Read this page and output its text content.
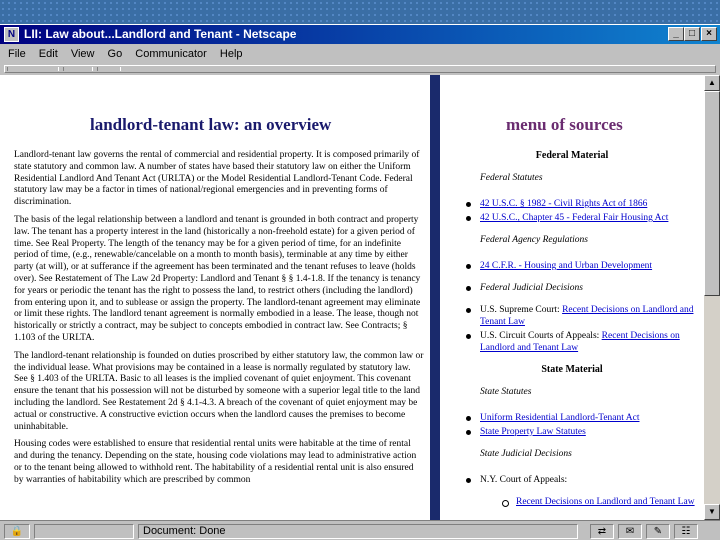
N LII: Law about...Landlord and Tenant - Netscape	_	□	×
File Edit View Go Communicator Help
landlord-tenant law: an overview

Landlord-tenant law governs the rental of commercial and residential property. It is composed primarily of state statutory and common law. A number of states have based their statutory law on either the Uniform Residential Landlord And Tenant Act (URLTA) or the Model Residential Landlord-Tenant Code. Federal statutory law may be a factor in times of national/regional emergencies and in preventing forms of discrimination.

The basis of the legal relationship between a landlord and tenant is grounded in both contract and property law. The tenant has a property interest in the land (historically a non-freehold estate) for a given period of time. See Real Property. The length of the tenancy may be for a given period of time, for an indefinite period of time, (e.g., renewable/cancelable on a month to month basis), terminable at any time by either party (at will), or at sufferance if the agreement has been terminated and the tenant refuses to leave (holds over). See Restatement of The Law 2d Property: Landlord and Tenant § § 1.4-1.8. If the tenancy is tenancy for years or periodic the tenant has the right to possess the land, to restrict others (including the landlord) from entering upon it, and to sublease or assign the property. The landlord-tenant agreement may eliminate or limit these rights. The landlord tenant agreement is normally embodied in a lease. The lease, though not historically or strictly a contract, may be subject to concepts embodied in contract law. See Contracts; § 1.103 of the URLTA.

The landlord-tenant relationship is founded on duties proscribed by either statutory law, the common law or the individual lease. What provisions may be contained in a lease is normally regulated by statutory law. See § 1.403 of the URLTA. Basic to all leases is the implied covenant of quiet enjoyment. This covenant ensure the tenant that his possession will not be disturbed by someone with a superior legal title to the land including the landlord. See Restatement 2d § 4.1-4.3. A breach of the covenant of quiet enjoyment may be actual or constructive. A constructive eviction occurs when the landlord causes the premises to become uninhabitable.

Housing codes were established to ensure that residential rental units were habitable at the time of rental and during the tenancy. Depending on the state, housing code violations may lead to administrative action or to the tenant being allowed to withhold rent. The habitability of a residential rental unit is also ensured by warranties of habitability which are prescribed by common

menu of sources
Federal Material
Federal Statutes
42 U.S.C. § 1982 - Civil Rights Act of 1866
42 U.S.C., Chapter 45 - Federal Fair Housing Act
Federal Agency Regulations
24 C.F.R. - Housing and Urban Development
Federal Judicial Decisions
U.S. Supreme Court: Recent Decisions on Landlord and Tenant Law
U.S. Circuit Courts of Appeals: Recent Decisions on Landlord and Tenant Law
State Material
State Statutes
Uniform Residential Landlord-Tenant Act
State Property Law Statutes
State Judicial Decisions
N.Y. Court of Appeals:
Recent Decisions on Landlord and Tenant Law
▲
▼
🔒	Document: Done	⇄	✉	✎	☷
